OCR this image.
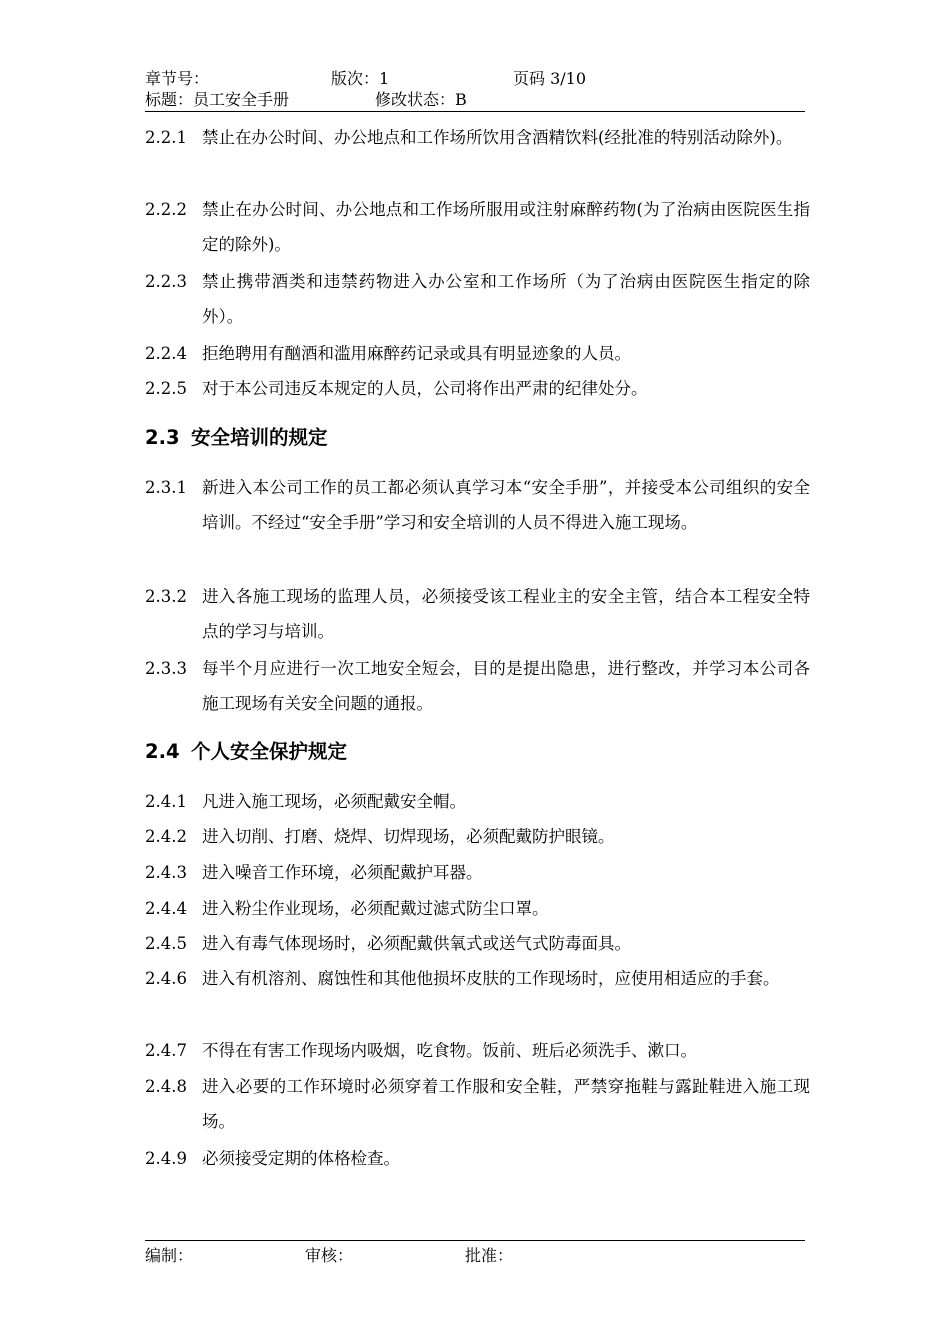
章节号：	版次：1	页码 3/10
标题：员工安全手册	修改状态：B
2.2.1 禁止在办公时间、办公地点和工作场所饮用含酒精饮料(经批准的特别活动除外)。
2.2.2 禁止在办公时间、办公地点和工作场所服用或注射麻醉药物(为了治病由医院医生指定的除外)。
2.2.3 禁止携带酒类和违禁药物进入办公室和工作场所（为了治病由医院医生指定的除外）。
2.2.4 拒绝聘用有酗酒和滥用麻醉药记录或具有明显迹象的人员。
2.2.5 对于本公司违反本规定的人员，公司将作出严肃的纪律处分。
2.3 安全培训的规定
2.3.1 新进入本公司工作的员工都必须认真学习本“安全手册”，并接受本公司组织的安全培训。不经过“安全手册”学习和安全培训的人员不得进入施工现场。
2.3.2 进入各施工现场的监理人员，必须接受该工程业主的安全主管，结合本工程安全特点的学习与培训。
2.3.3 每半个月应进行一次工地安全短会，目的是提出隐患，进行整改，并学习本公司各施工现场有关安全问题的通报。
2.4 个人安全保护规定
2.4.1 凡进入施工现场，必须配戴安全帽。
2.4.2 进入切削、打磨、烧焊、切焊现场，必须配戴防护眼镜。
2.4.3 进入噪音工作环境，必须配戴护耳器。
2.4.4 进入粉尘作业现场，必须配戴过滤式防尘口罩。
2.4.5 进入有毒气体现场时，必须配戴供氧式或送气式防毒面具。
2.4.6 进入有机溶剂、腐蚀性和其他他损坏皮肤的工作现场时，应使用相适应的手套。
2.4.7 不得在有害工作现场内吸烟，吃食物。饭前、班后必须洗手、漱口。
2.4.8 进入必要的工作环境时必须穿着工作服和安全鞋，严禁穿拖鞋与露趾鞋进入施工现场。
2.4.9 必须接受定期的体格检查。
编制：	审核：	批准：
